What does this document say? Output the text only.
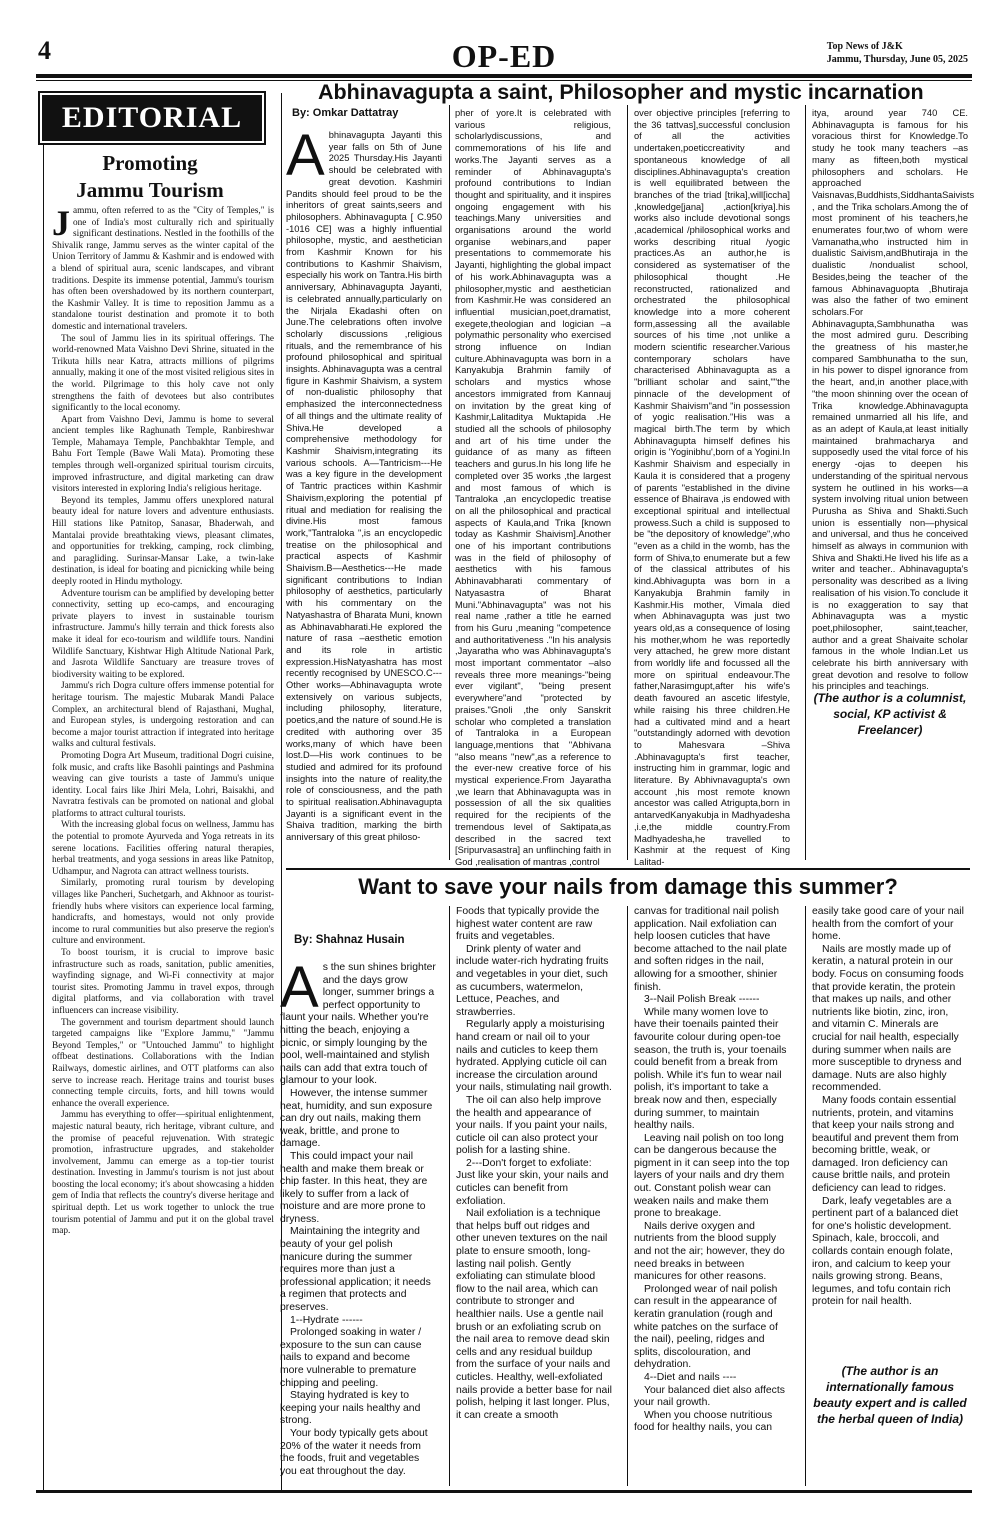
4	OP-ED	Top News of J&K
Jammu, Thursday, June 05, 2025
EDITORIAL
Promoting
Jammu Tourism

Jammu, often referred to as the "City of Temples," is one of India's most culturally rich and spiritually significant destinations. Nestled in the foothills of the Shivalik range, Jammu serves as the winter capital of the Union Territory of Jammu & Kashmir and is endowed with a blend of spiritual aura, scenic landscapes, and vibrant traditions. Despite its immense potential, Jammu's tourism has often been overshadowed by its northern counterpart, the Kashmir Valley. It is time to reposition Jammu as a standalone tourist destination and promote it to both domestic and international travelers.

The soul of Jammu lies in its spiritual offerings. The world-renowned Mata Vaishno Devi Shrine, situated in the Trikuta hills near Katra, attracts millions of pilgrims annually, making it one of the most visited religious sites in the world. Pilgrimage to this holy cave not only strengthens the faith of devotees but also contributes significantly to the local economy.

Apart from Vaishno Devi, Jammu is home to several ancient temples like Raghunath Temple, Ranbireshwar Temple, Mahamaya Temple, Panchbakhtar Temple, and Bahu Fort Temple (Bawe Wali Mata). Promoting these temples through well-organized spiritual tourism circuits, improved infrastructure, and digital marketing can draw visitors interested in exploring India's religious heritage.

Beyond its temples, Jammu offers unexplored natural beauty ideal for nature lovers and adventure enthusiasts. Hill stations like Patnitop, Sanasar, Bhaderwah, and Mantalai provide breathtaking views, pleasant climates, and opportunities for trekking, camping, rock climbing, and paragliding. Surinsar-Mansar Lake, a twin-lake destination, is ideal for boating and picnicking while being deeply rooted in Hindu mythology.

Adventure tourism can be amplified by developing better connectivity, setting up eco-camps, and encouraging private players to invest in sustainable tourism infrastructure. Jammu's hilly terrain and thick forests also make it ideal for eco-tourism and wildlife tours. Nandini Wildlife Sanctuary, Kishtwar High Altitude National Park, and Jasrota Wildlife Sanctuary are treasure troves of biodiversity waiting to be explored.

Jammu's rich Dogra culture offers immense potential for heritage tourism. The majestic Mubarak Mandi Palace Complex, an architectural blend of Rajasthani, Mughal, and European styles, is undergoing restoration and can become a major tourist attraction if integrated into heritage walks and cultural festivals.

Promoting Dogra Art Museum, traditional Dogri cuisine, folk music, and crafts like Basohli paintings and Pashmina weaving can give tourists a taste of Jammu's unique identity. Local fairs like Jhiri Mela, Lohri, Baisakhi, and Navratra festivals can be promoted on national and global platforms to attract cultural tourists.

With the increasing global focus on wellness, Jammu has the potential to promote Ayurveda and Yoga retreats in its serene locations. Facilities offering natural therapies, herbal treatments, and yoga sessions in areas like Patnitop, Udhampur, and Nagrota can attract wellness tourists.

Similarly, promoting rural tourism by developing villages like Pancheri, Suchetgarh, and Akhnoor as tourist-friendly hubs where visitors can experience local farming, handicrafts, and homestays, would not only provide income to rural communities but also preserve the region's culture and environment.

To boost tourism, it is crucial to improve basic infrastructure such as roads, sanitation, public amenities, wayfinding signage, and Wi-Fi connectivity at major tourist sites. Promoting Jammu in travel expos, through digital platforms, and via collaboration with travel influencers can increase visibility.

The government and tourism department should launch targeted campaigns like "Explore Jammu," "Jammu Beyond Temples," or "Untouched Jammu" to highlight offbeat destinations. Collaborations with the Indian Railways, domestic airlines, and OTT platforms can also serve to increase reach. Heritage trains and tourist buses connecting temple circuits, forts, and hill towns would enhance the overall experience.

Jammu has everything to offer—spiritual enlightenment, majestic natural beauty, rich heritage, vibrant culture, and the promise of peaceful rejuvenation. With strategic promotion, infrastructure upgrades, and stakeholder involvement, Jammu can emerge as a top-tier tourist destination. Investing in Jammu's tourism is not just about boosting the local economy; it's about showcasing a hidden gem of India that reflects the country's diverse heritage and spiritual depth. Let us work together to unlock the true tourism potential of Jammu and put it on the global travel map.

Abhinavagupta a saint, Philosopher and mystic incarnation
By: Omkar Dattatray
Abhinavagupta Jayanti this year falls on 5th of June 2025 Thursday.His Jayanti should be celebrated with great devotion. Kashmiri Pandits should feel proud to be the inheritors of great saints,seers and philosophers. Abhinavagupta [ C.950 -1016 CE] was a highly influential philosophe, mystic, and aesthetician from Kashmir Known for his contributions to Kashmir Shaivism, especially his work on Tantra.His birth anniversary, Abhinavagupta Jayanti, is celebrated annually,particularly on the Nirjala Ekadashi often on June.The celebrations often involve scholarly discussions ,religious rituals, and the remembrance of his profound philosophical and spiritual insights. Abhinavagupta was a central figure in Kashmir Shaivism, a system of non-dualistic philosophy that emphasized the interconnectedness of all things and the ultimate reality of Shiva.He developed a comprehensive methodology for Kashmir Shaivism,integrating its various schools. A—Tantricism---He was a key figure in the development of Tantric practices within Kashmir Shaivism,exploring the potential pf ritual and mediation for realising the divine.His most famous work,"Tantraloka ",is an encyclopedic treatise on the philosophical and practical aspects of Kashmir Shaivism.B—Aesthetics---He made significant contributions to Indian philosophy of aesthetics, particularly with his commentary on the Natyashastra of Bharata Muni, known as Abhinavabharati.He explored the nature of rasa –aesthetic emotion and its role in artistic expression.HisNatyashatra has most recently recognised by UNESCO.C---Other works—Abhinavagupta wrote extensively on various subjects, including philosophy, literature, poetics,and the nature of sound.He is credited with authoring over 35 works,many of which have been lost.D—His work continues to be studied and admired for its profound insights into the nature of reality,the role of consciousness, and the path to spiritual realisation.Abhinavagupta Jayanti is a significant event in the Shaiva tradition, marking the birth anniversary of this great philoso-
pher of yore.It is celebrated with various religious, scholarlydiscussions, and commemorations of his life and works.The Jayanti serves as a reminder of Abhinavagupta's profound contributions to Indian thought and spirituality, and it inspires ongoing engagement with his teachings.Many universities and organisations around the world organise webinars,and paper presentations to commemorate his Jayanti, highlighting the global impact of his work.Abhinavagupta was a philosopher,mystic and aesthetician from Kashmir.He was considered an influential musician,poet,dramatist, exegete,theologian and logician –a polymathic personality who exercised strong influence on Indian culture.Abhinavagupta was born in a Kanyakubja Brahmin family of scholars and mystics whose ancestors immigrated from Kannauj on invitation by the great king of Kashmir,Lalitaditya Muktapida .He studied all the schools of philosophy and art of his time under the guidance of as many as fifteen teachers and gurus.In his long life he completed over 35 works ,the largest and most famous of which is Tantraloka ,an encyclopedic treatise on all the philosophical and practical aspects of Kaula,and Trika [known today as Kashmir Shaivism].Another one of his important contributions was in the field of philosophy of aesthetics with his famous Abhinavabharati commentary of Natyasastra of Bharat Muni."Abhinavagupta" was not his real name ,rather a title he earned from his Guru ,meaning "competence and authoritativeness ."In his analysis ,Jayaratha who was Abhinavagupta's most important commentator –also reveals three more meanings-"being ever vigilant", "being present everywhere"and "protected by praises."Gnoli ,the only Sanskrit scholar who completed a translation of Tantraloka in a European language,mentions that "Abhivana "also means "new",as a reference to the ever-new creative force of his mystical experience.From Jayaratha ,we learn that Abhinavagupta was in possession of all the six qualities required for the recipients of the tremendous level of Saktipata,as described in the sacred text [Sripurvasastra] an unflinching faith in God ,realisation of mantras ,control
over objective principles [referring to the 36 tattvas],successful conclusion of all the activities undertaken,poeticcreativity and spontaneous knowledge of all disciplines.Abhinavagupta's creation is well equilibrated between the branches of the triad [trika],will[iccha] ,knowledge[jana] ,action[kriya].his works also include devotional songs ,academical /philosophical works and works describing ritual /yogic practices.As an author,he is considered as systematiser of the philosophical thought .He reconstructed, rationalized and orchestrated the philosophical knowledge into a more coherent form,assessing all the available sources of his time ,not unlike a modern scientific researcher.Various contemporary scholars have characterised Abhinavagupta as a "brilliant scholar and saint,""the pinnacle of the development of Kashmir Shaivism"and "in possession of yogic realisation."His was a magical birth.The term by which Abhinavagupta himself defines his origin is 'Yoginibhu',born of a Yogini.In Kashmir Shaivism and especially in Kaula it is considered that a progeny of parents "established in the divine essence of Bhairava ,is endowed with exceptional spiritual and intellectual prowess.Such a child is supposed to be "the depository of knowledge",who "even as a child in the womb, has the form of Shiva,to enumerate but a few of the classical attributes of his kind.Abhivagupta was born in a Kanyakubja Brahmin family in Kashmir.His mother, Vimala died when Abhinavagupta was just two years old,as a consequence of losing his mother,whom he was reportedly very attached, he grew more distant from worldly life and focussed all the more on spiritual endeavour.The father,Narasimgupt,after his wife's death favoured an ascetic lifestyle, while raising his three children.He had a cultivated mind and a heart "outstandingly adorned with devotion to Mahesvara –Shiva .Abhinavagupta's first teacher, instructing him in grammar, logic and literature. By Abhivnavagupta's own account ,his most remote known ancestor was called Atrigupta,born in antarvedKanyakubja in Madhyadesha ,i.e,the middle country.From Madhyadesha,he travelled to Kashmir at the request of King Lalitad-
itya, around year 740 CE. Abhinavagupta is famous for his voracious thirst for Knowledge.To study he took many teachers –as many as fifteen,both mystical philosophers and scholars. He approached Vaisnavas,Buddhists,SiddhantaSaivists , and the Trika scholars.Among the of most prominent of his teachers,he enumerates four,two of whom were Vamanatha,who instructed him in dualistic Saivism,andBhutiraja in the dualistic /nondualist school, Besides,being the teacher of the famous Abhinavaguopta ,Bhutiraja was also the father of two eminent scholars.For Abhinavagupta,Sambhunatha was the most admired guru. Describing the greatness of his master,he compared Sambhunatha to the sun, in his power to dispel ignorance from the heart, and,in another place,with "the moon shinning over the ocean of Trika knowledge.Abhinavagupta remained unmarried all his life, and as an adept of Kaula,at least initially maintained brahmacharya and supposedly used the vital force of his energy -ojas to deepen his understanding of the spiritual nervous system he outlined in his works—a system involving ritual union between Purusha as Shiva and Shakti.Such union is essentially non—physical and universal, and thus he conceived himself as always in communion with Shiva and Shakti.He lived his life as a writer and teacher.. Abhinavagupta's personality was described as a living realisation of his vision.To conclude it is no exaggeration to say that Abhinavagupta was a mystic poet,philosopher, saint,teacher, author and a great Shaivaite scholar famous in the whole Indian.Let us celebrate his birth anniversary with great devotion and resolve to follow his principles and teachings.
(The author is a columnist, social, KP activist & Freelancer)
Want to save your nails from damage this summer?
By: Shahnaz Husain

As the sun shines brighter and the days grow longer, summer brings a perfect opportunity to flaunt your nails. Whether you're hitting the beach, enjoying a picnic, or simply lounging by the pool, well-maintained and stylish nails can add that extra touch of glamour to your look.

However, the intense summer heat, humidity, and sun exposure can dry out nails, making them weak, brittle, and prone to damage.

This could impact your nail health and make them break or chip faster. In this heat, they are likely to suffer from a lack of moisture and are more prone to dryness.

Maintaining the integrity and beauty of your gel polish manicure during the summer requires more than just a professional application; it needs a regimen that protects and preserves.

1--Hydrate ------

Prolonged soaking in water / exposure to the sun can cause nails to expand and become more vulnerable to premature chipping and peeling.

Staying hydrated is key to keeping your nails healthy and strong.

Your body typically gets about 20% of the water it needs from the foods, fruit and vegetables you eat throughout the day.

Foods that typically provide the highest water content are raw fruits and vegetables.

Drink plenty of water and include water-rich hydrating fruits and vegetables in your diet, such as cucumbers, watermelon, Lettuce, Peaches, and strawberries.

Regularly apply a moisturising hand cream or nail oil to your nails and cuticles to keep them hydrated. Applying cuticle oil can increase the circulation around your nails, stimulating nail growth.

The oil can also help improve the health and appearance of your nails. If you paint your nails, cuticle oil can also protect your polish for a lasting shine.

2---Don't forget to exfoliate: Just like your skin, your nails and cuticles can benefit from exfoliation.

Nail exfoliation is a technique that helps buff out ridges and other uneven textures on the nail plate to ensure smooth, long-lasting nail polish. Gently exfoliating can stimulate blood flow to the nail area, which can contribute to stronger and healthier nails. Use a gentle nail brush or an exfoliating scrub on the nail area to remove dead skin cells and any residual buildup from the surface of your nails and cuticles. Healthy, well-exfoliated nails provide a better base for nail polish, helping it last longer. Plus, it can create a smooth

canvas for traditional nail polish application. Nail exfoliation can help loosen cuticles that have become attached to the nail plate and soften ridges in the nail, allowing for a smoother, shinier finish.

3--Nail Polish Break ------

While many women love to have their toenails painted their favourite colour during open-toe season, the truth is, your toenails could benefit from a break from polish. While it's fun to wear nail polish, it's important to take a break now and then, especially during summer, to maintain healthy nails.

Leaving nail polish on too long can be dangerous because the pigment in it can seep into the top layers of your nails and dry them out. Constant polish wear can weaken nails and make them prone to breakage.

Nails derive oxygen and nutrients from the blood supply and not the air; however, they do need breaks in between manicures for other reasons.

Prolonged wear of nail polish can result in the appearance of keratin granulation (rough and white patches on the surface of the nail), peeling, ridges and splits, discolouration, and dehydration.

4--Diet and nails ----

Your balanced diet also affects your nail growth.

When you choose nutritious food for healthy nails, you can

easily take good care of your nail health from the comfort of your home.

Nails are mostly made up of keratin, a natural protein in our body. Focus on consuming foods that provide keratin, the protein that makes up nails, and other nutrients like biotin, zinc, iron, and vitamin C. Minerals are crucial for nail health, especially during summer when nails are more susceptible to dryness and damage. Nuts are also highly recommended.

Many foods contain essential nutrients, protein, and vitamins that keep your nails strong and beautiful and prevent them from becoming brittle, weak, or damaged. Iron deficiency can cause brittle nails, and protein deficiency can lead to ridges.

Dark, leafy vegetables are a pertinent part of a balanced diet for one's holistic development. Spinach, kale, broccoli, and collards contain enough folate, iron, and calcium to keep your nails growing strong. Beans, legumes, and tofu contain rich protein for nail health.

(The author is an internationally famous beauty expert and is called the herbal queen of India)
